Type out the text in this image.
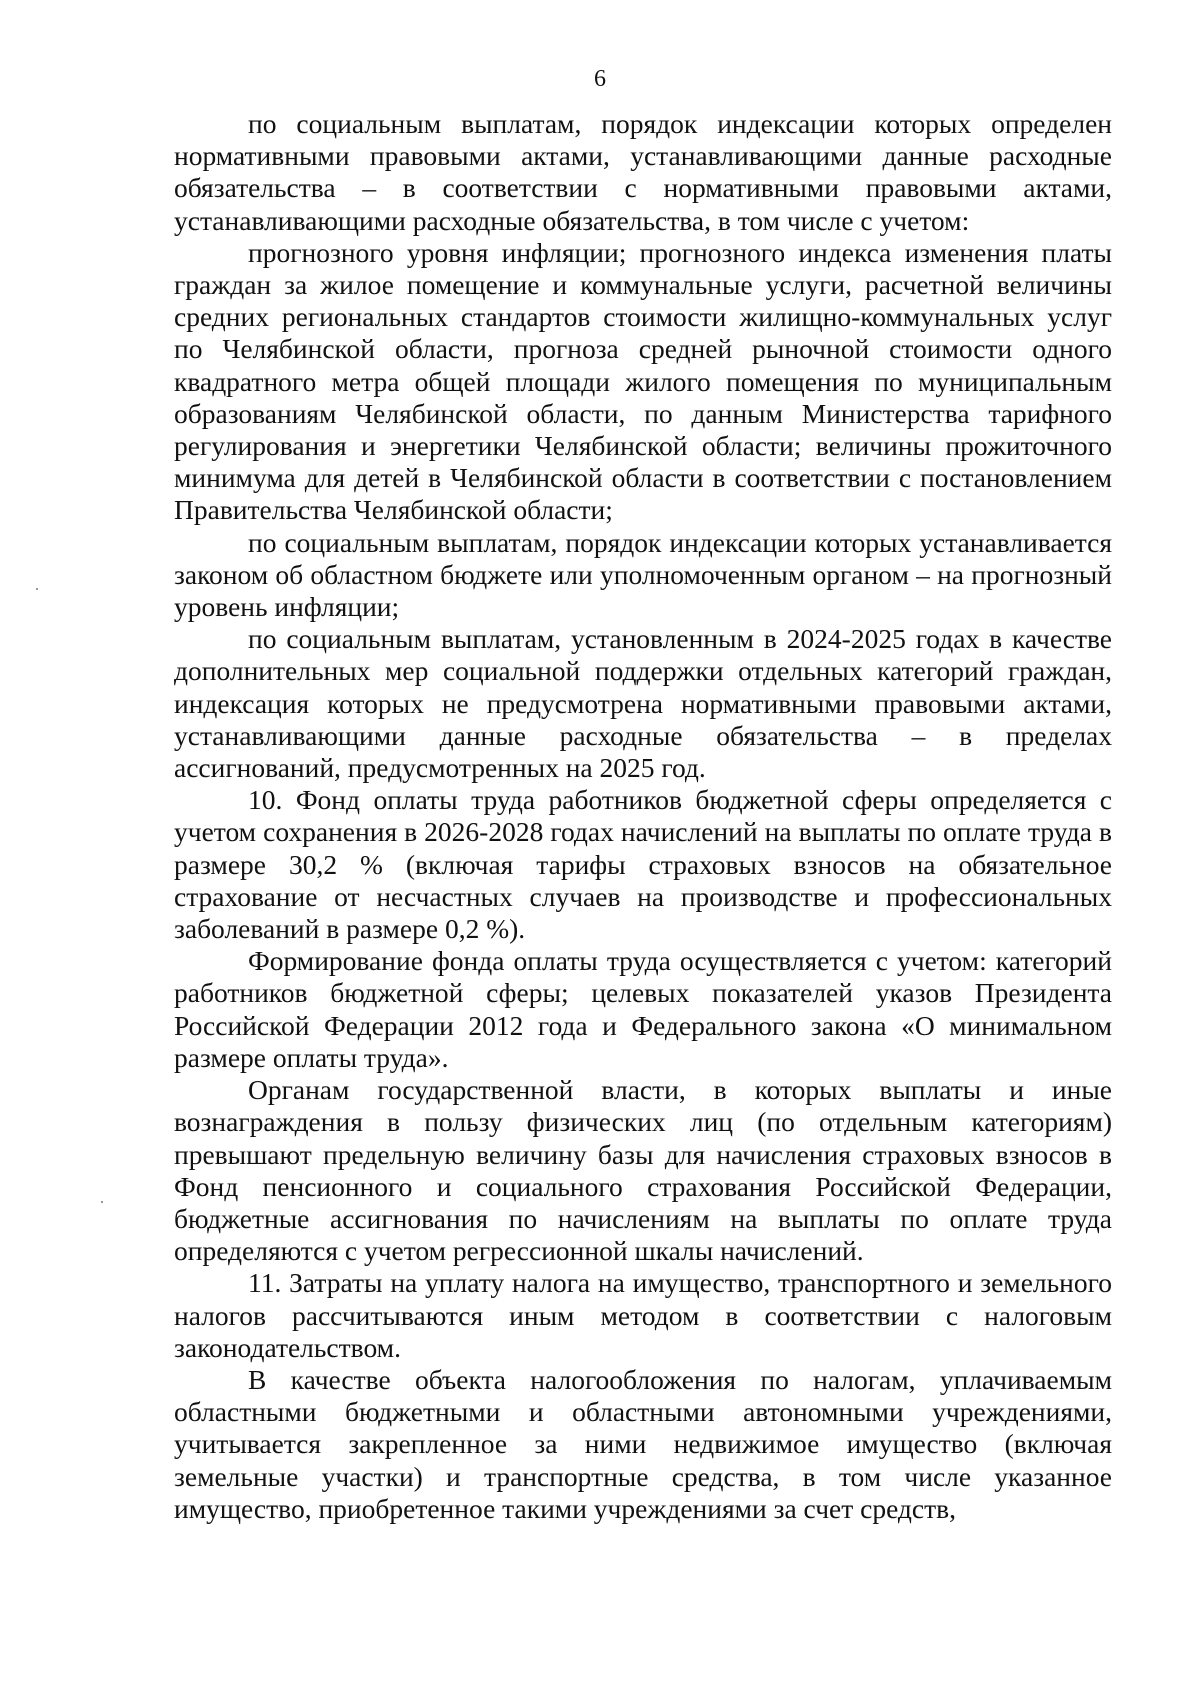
6

по социальным выплатам, порядок индексации которых определен нормативными правовыми актами, устанавливающими данные расходные обязательства – в соответствии с нормативными правовыми актами, устанавливающими расходные обязательства, в том числе с учетом:

прогнозного уровня инфляции; прогнозного индекса изменения платы граждан за жилое помещение и коммунальные услуги, расчетной величины средних региональных стандартов стоимости жилищно-коммунальных услуг по Челябинской области, прогноза средней рыночной стоимости одного квадратного метра общей площади жилого помещения по муниципальным образованиям Челябинской области, по данным Министерства тарифного регулирования и энергетики Челябинской области; величины прожиточного минимума для детей в Челябинской области в соответствии с постановлением Правительства Челябинской области;

по социальным выплатам, порядок индексации которых устанавливается законом об областном бюджете или уполномоченным органом – на прогнозный уровень инфляции;

по социальным выплатам, установленным в 2024-2025 годах в качестве дополнительных мер социальной поддержки отдельных категорий граждан, индексация которых не предусмотрена нормативными правовыми актами, устанавливающими данные расходные обязательства – в пределах ассигнований, предусмотренных на 2025 год.

10. Фонд оплаты труда работников бюджетной сферы определяется с учетом сохранения в 2026-2028 годах начислений на выплаты по оплате труда в размере 30,2 % (включая тарифы страховых взносов на обязательное страхование от несчастных случаев на производстве и профессиональных заболеваний в размере 0,2 %).

Формирование фонда оплаты труда осуществляется с учетом: категорий работников бюджетной сферы; целевых показателей указов Президента Российской Федерации 2012 года и Федерального закона «О минимальном размере оплаты труда».

Органам государственной власти, в которых выплаты и иные вознаграждения в пользу физических лиц (по отдельным категориям) превышают предельную величину базы для начисления страховых взносов в Фонд пенсионного и социального страхования Российской Федерации, бюджетные ассигнования по начислениям на выплаты по оплате труда определяются с учетом регрессионной шкалы начислений.

11. Затраты на уплату налога на имущество, транспортного и земельного налогов рассчитываются иным методом в соответствии с налоговым законодательством.

В качестве объекта налогообложения по налогам, уплачиваемым областными бюджетными и областными автономными учреждениями, учитывается закрепленное за ними недвижимое имущество (включая земельные участки) и транспортные средства, в том числе указанное имущество, приобретенное такими учреждениями за счет средств,
